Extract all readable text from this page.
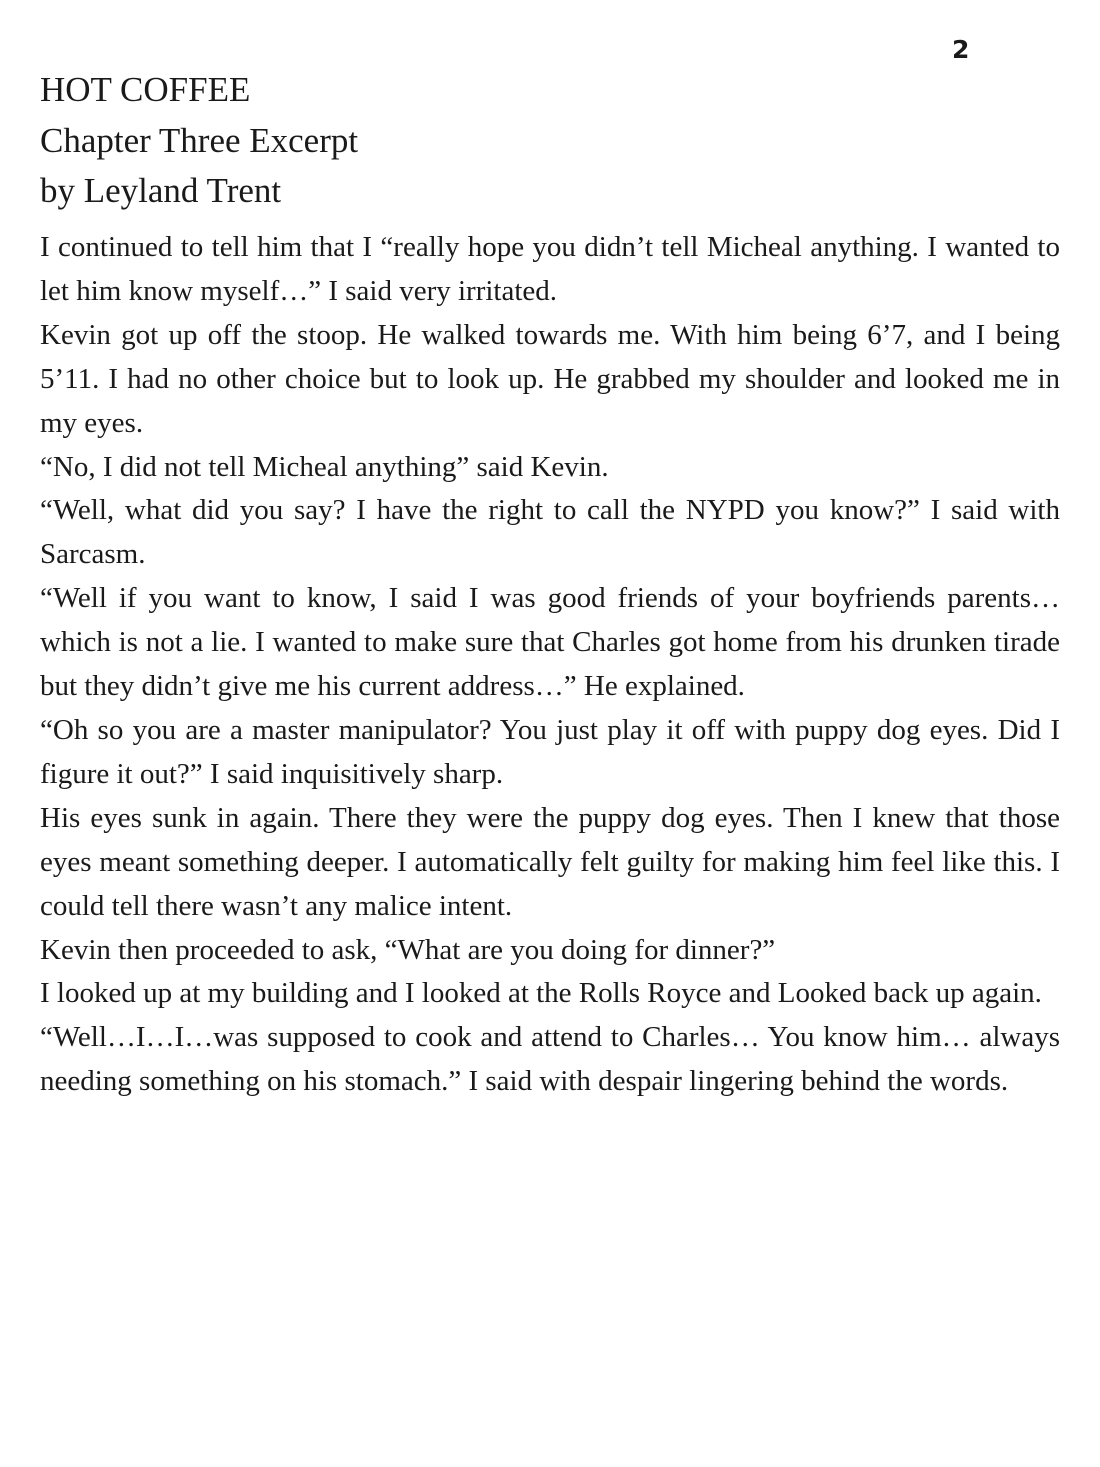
2
HOT COFFEE
Chapter Three Excerpt
by Leyland Trent

I continued to tell him that I “really hope you didn’t tell Micheal anything. I wanted to let him know myself…” I said very irritated.

Kevin got up off the stoop. He walked towards me. With him being 6’7, and I being 5’11. I had no other choice but to look up. He grabbed my shoulder and looked me in my eyes.

“No, I did not tell Micheal anything” said Kevin.

“Well, what did you say? I have the right to call the NYPD you know?” I said with Sarcasm.

“Well if you want to know, I said I was good friends of your boyfriends parents…which is not a lie. I wanted to make sure that Charles got home from his drunken tirade but they didn’t give me his current address…” He explained.

“Oh so you are a master manipulator? You just play it off with puppy dog eyes. Did I figure it out?” I said inquisitively sharp.

His eyes sunk in again. There they were the puppy dog eyes. Then I knew that those eyes meant something deeper. I automatically felt guilty for making him feel like this. I could tell there wasn’t any malice intent.

Kevin then proceeded to ask, “What are you doing for dinner?”

I looked up at my building and I looked at the Rolls Royce and Looked back up again.

“Well…I…I…was supposed to cook and attend to Charles… You know him… always needing something on his stomach.” I said with despair lingering behind the words.
